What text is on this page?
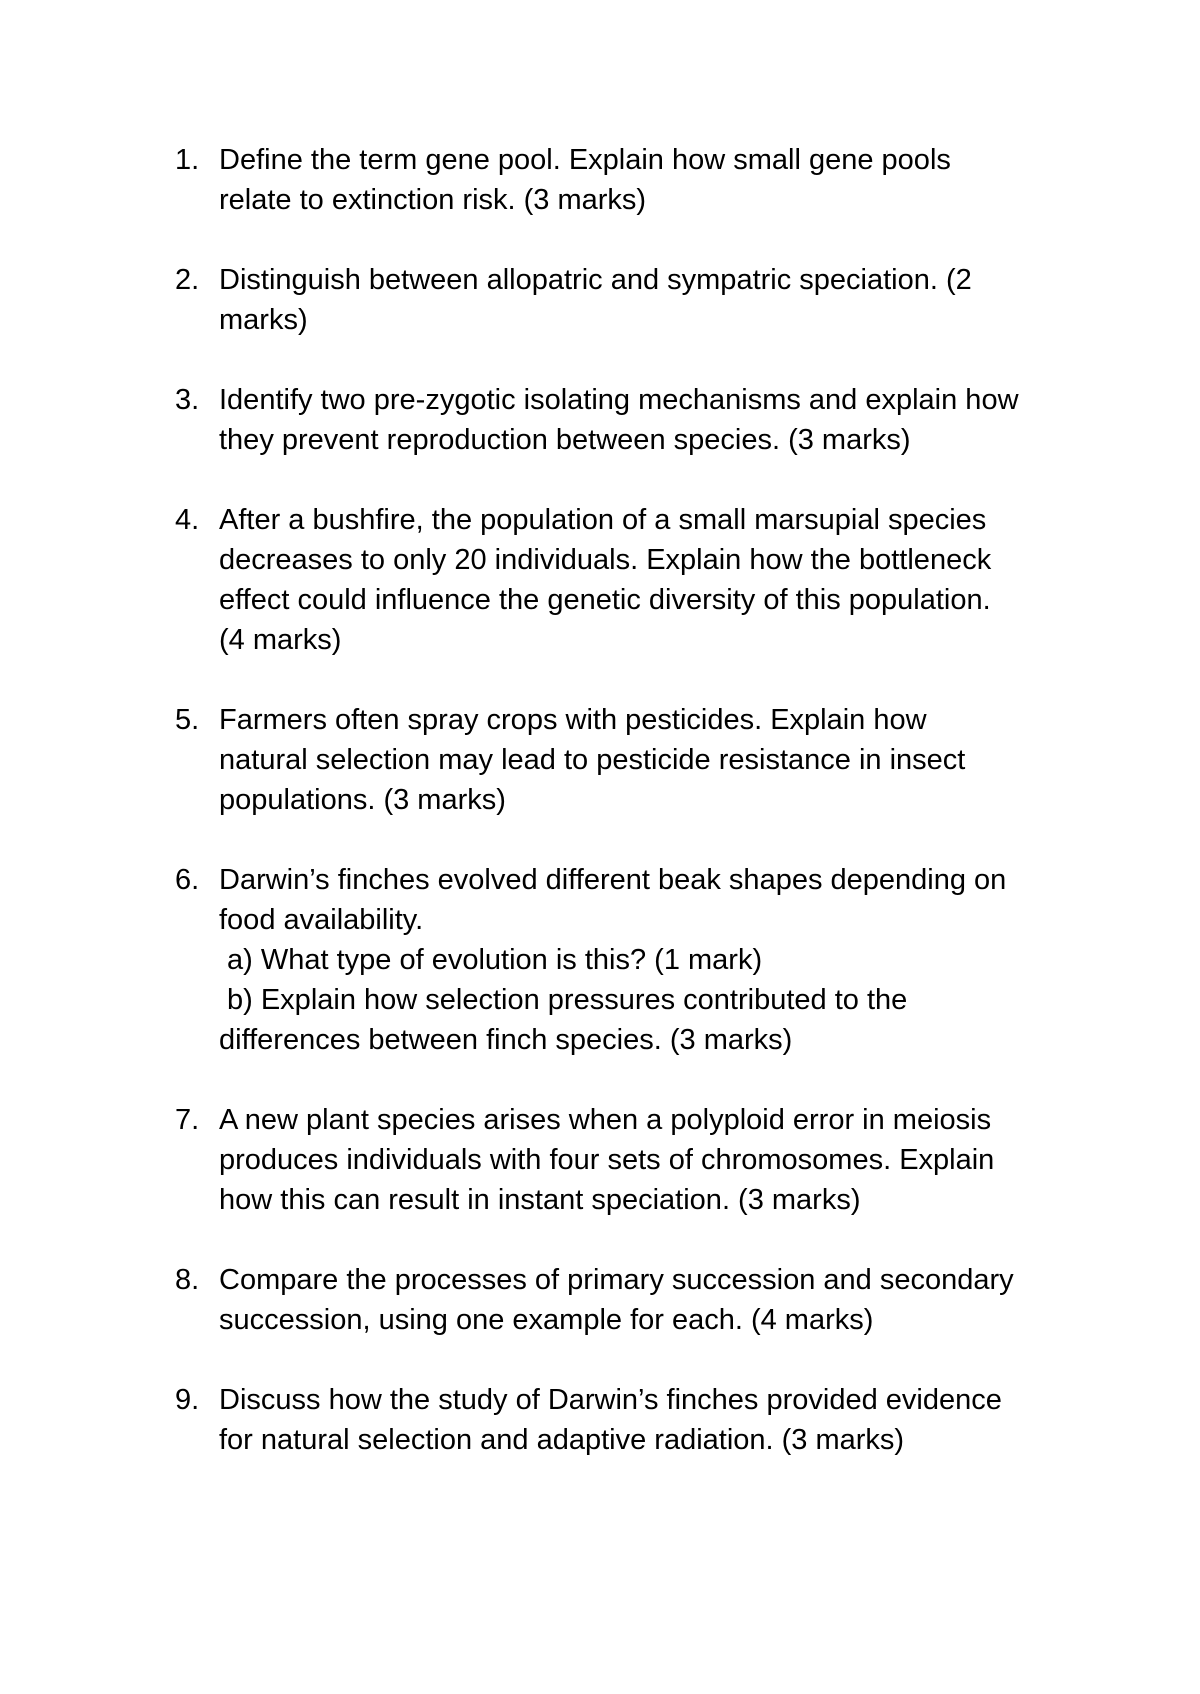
1. Define the term gene pool. Explain how small gene pools
relate to extinction risk. (3 marks)
2. Distinguish between allopatric and sympatric speciation. (2
marks)
3. Identify two pre-zygotic isolating mechanisms and explain how
they prevent reproduction between species. (3 marks)
4. After a bushfire, the population of a small marsupial species
decreases to only 20 individuals. Explain how the bottleneck
effect could influence the genetic diversity of this population.
(4 marks)
5. Farmers often spray crops with pesticides. Explain how
natural selection may lead to pesticide resistance in insect
populations. (3 marks)
6. Darwin’s finches evolved different beak shapes depending on
food availability.
a) What type of evolution is this? (1 mark)
b) Explain how selection pressures contributed to the
differences between finch species. (3 marks)
7. A new plant species arises when a polyploid error in meiosis
produces individuals with four sets of chromosomes. Explain
how this can result in instant speciation. (3 marks)
8. Compare the processes of primary succession and secondary
succession, using one example for each. (4 marks)
9. Discuss how the study of Darwin’s finches provided evidence
for natural selection and adaptive radiation. (3 marks)
